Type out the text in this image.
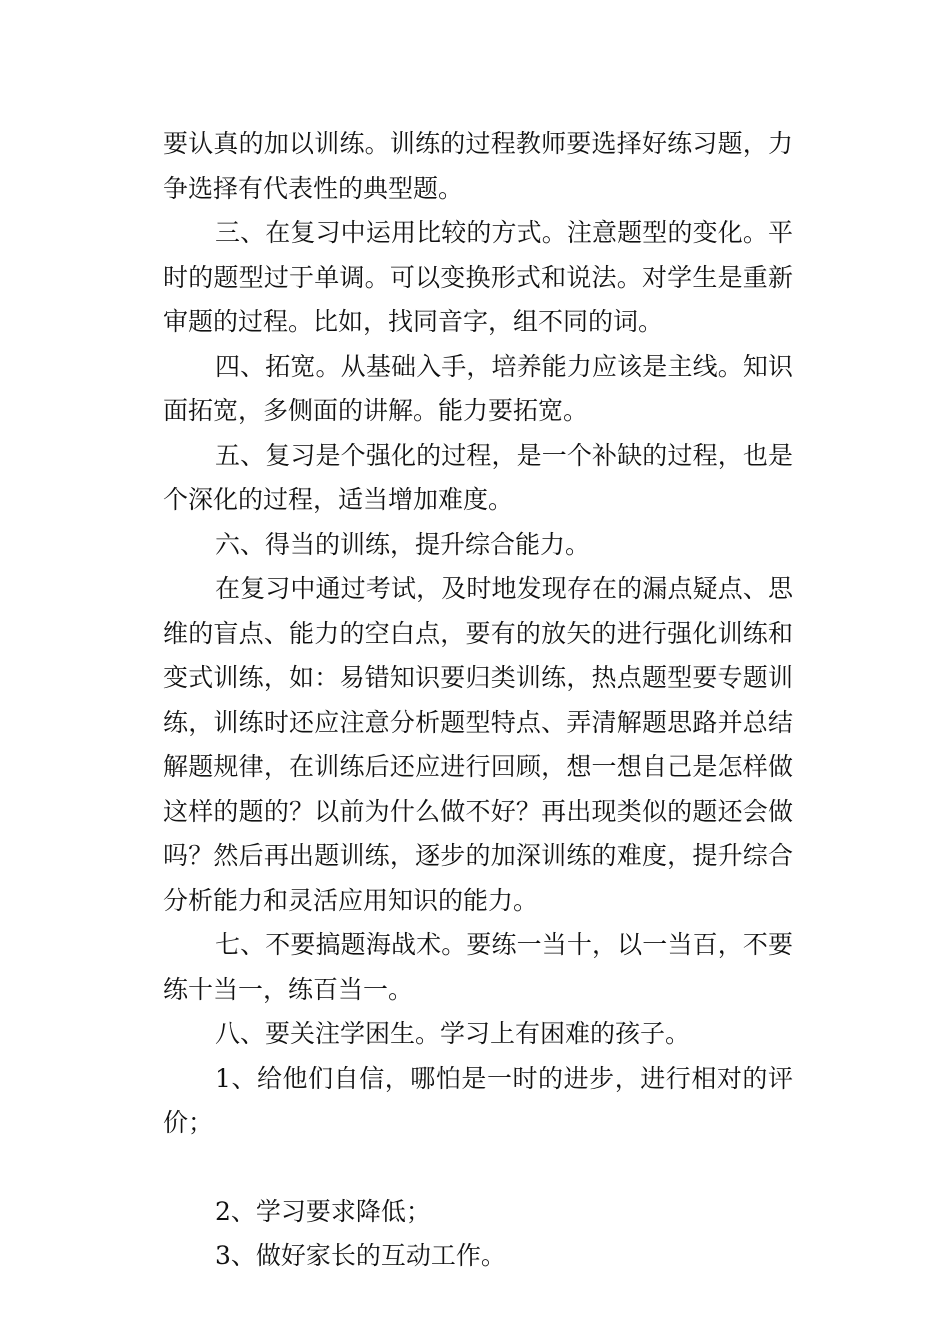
要认真的加以训练。训练的过程教师要选择好练习题，力争选择有代表性的典型题。

三、在复习中运用比较的方式。注意题型的变化。平时的题型过于单调。可以变换形式和说法。对学生是重新审题的过程。比如，找同音字，组不同的词。

四、拓宽。从基础入手，培养能力应该是主线。知识面拓宽，多侧面的讲解。能力要拓宽。

五、复习是个强化的过程，是一个补缺的过程，也是个深化的过程，适当增加难度。

六、得当的训练，提升综合能力。

在复习中通过考试，及时地发现存在的漏点疑点、思维的盲点、能力的空白点，要有的放矢的进行强化训练和变式训练，如：易错知识要归类训练，热点题型要专题训练，训练时还应注意分析题型特点、弄清解题思路并总结解题规律，在训练后还应进行回顾，想一想自己是怎样做这样的题的？以前为什么做不好？再出现类似的题还会做吗？然后再出题训练，逐步的加深训练的难度，提升综合分析能力和灵活应用知识的能力。

七、不要搞题海战术。要练一当十，以一当百，不要练十当一，练百当一。

八、要关注学困生。学习上有困难的孩子。

1、给他们自信，哪怕是一时的进步，进行相对的评价；

2、学习要求降低；

3、做好家长的互动工作。
